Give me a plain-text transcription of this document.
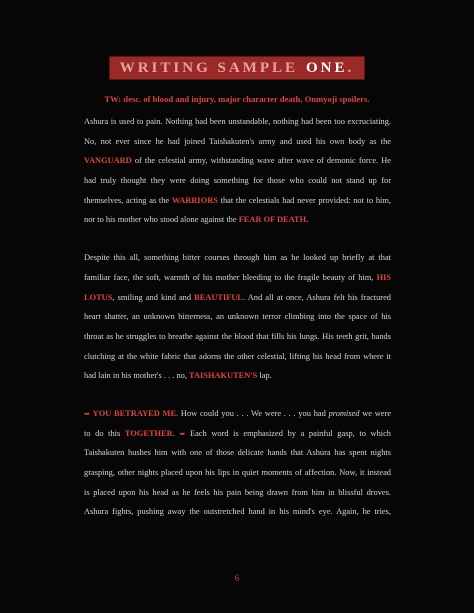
WRITING SAMPLE ONE .
TW: desc. of blood and injury, major character death, Onmyoji spoilers.

Ashura is used to pain. Nothing had been unstandable, nothing had been too excruciating.

No, not ever since he had joined Taishakuten's army and used his own body as the

VANGUARD of the celestial army, withstanding wave after wave of demonic force. He

had truly thought they were doing something for those who could not stand up for

themselves, acting as the WARRIORS that the celestials had never provided: not to him,

nor to his mother who stood alone against the FEAR OF DEATH.

Despite this all, something bitter courses through him as he looked up briefly at that

familiar face, the soft, warmth of his mother bleeding to the fragile beauty of him, HIS

LOTUS, smiling and kind and BEAUTIFUL. And all at once, Ashura felt his fractured

heart shatter, an unknown bitterness, an unknown terror climbing into the space of his

throat as he struggles to breathe against the blood that fills his lungs. His teeth grit, hands

clutching at the white fabric that adorns the other celestial, lifting his head from where it

had lain in his mother's . . . no, TAISHAKUTEN'S lap.

➥ YOU BETRAYED ME. How could you . . . We were . . . you had promised we were

to do this TOGETHER. ➥ Each word is emphasized by a painful gasp, to which

Taishakuten hushes him with one of those delicate hands that Ashura has spent nights

grasping, other nights placed upon his lips in quiet moments of affection. Now, it instead

is placed upon his head as he feels his pain being drawn from him in blissful droves.

Ashura fights, pushing away the outstretched hand in his mind's eye. Again, he tries,

6
